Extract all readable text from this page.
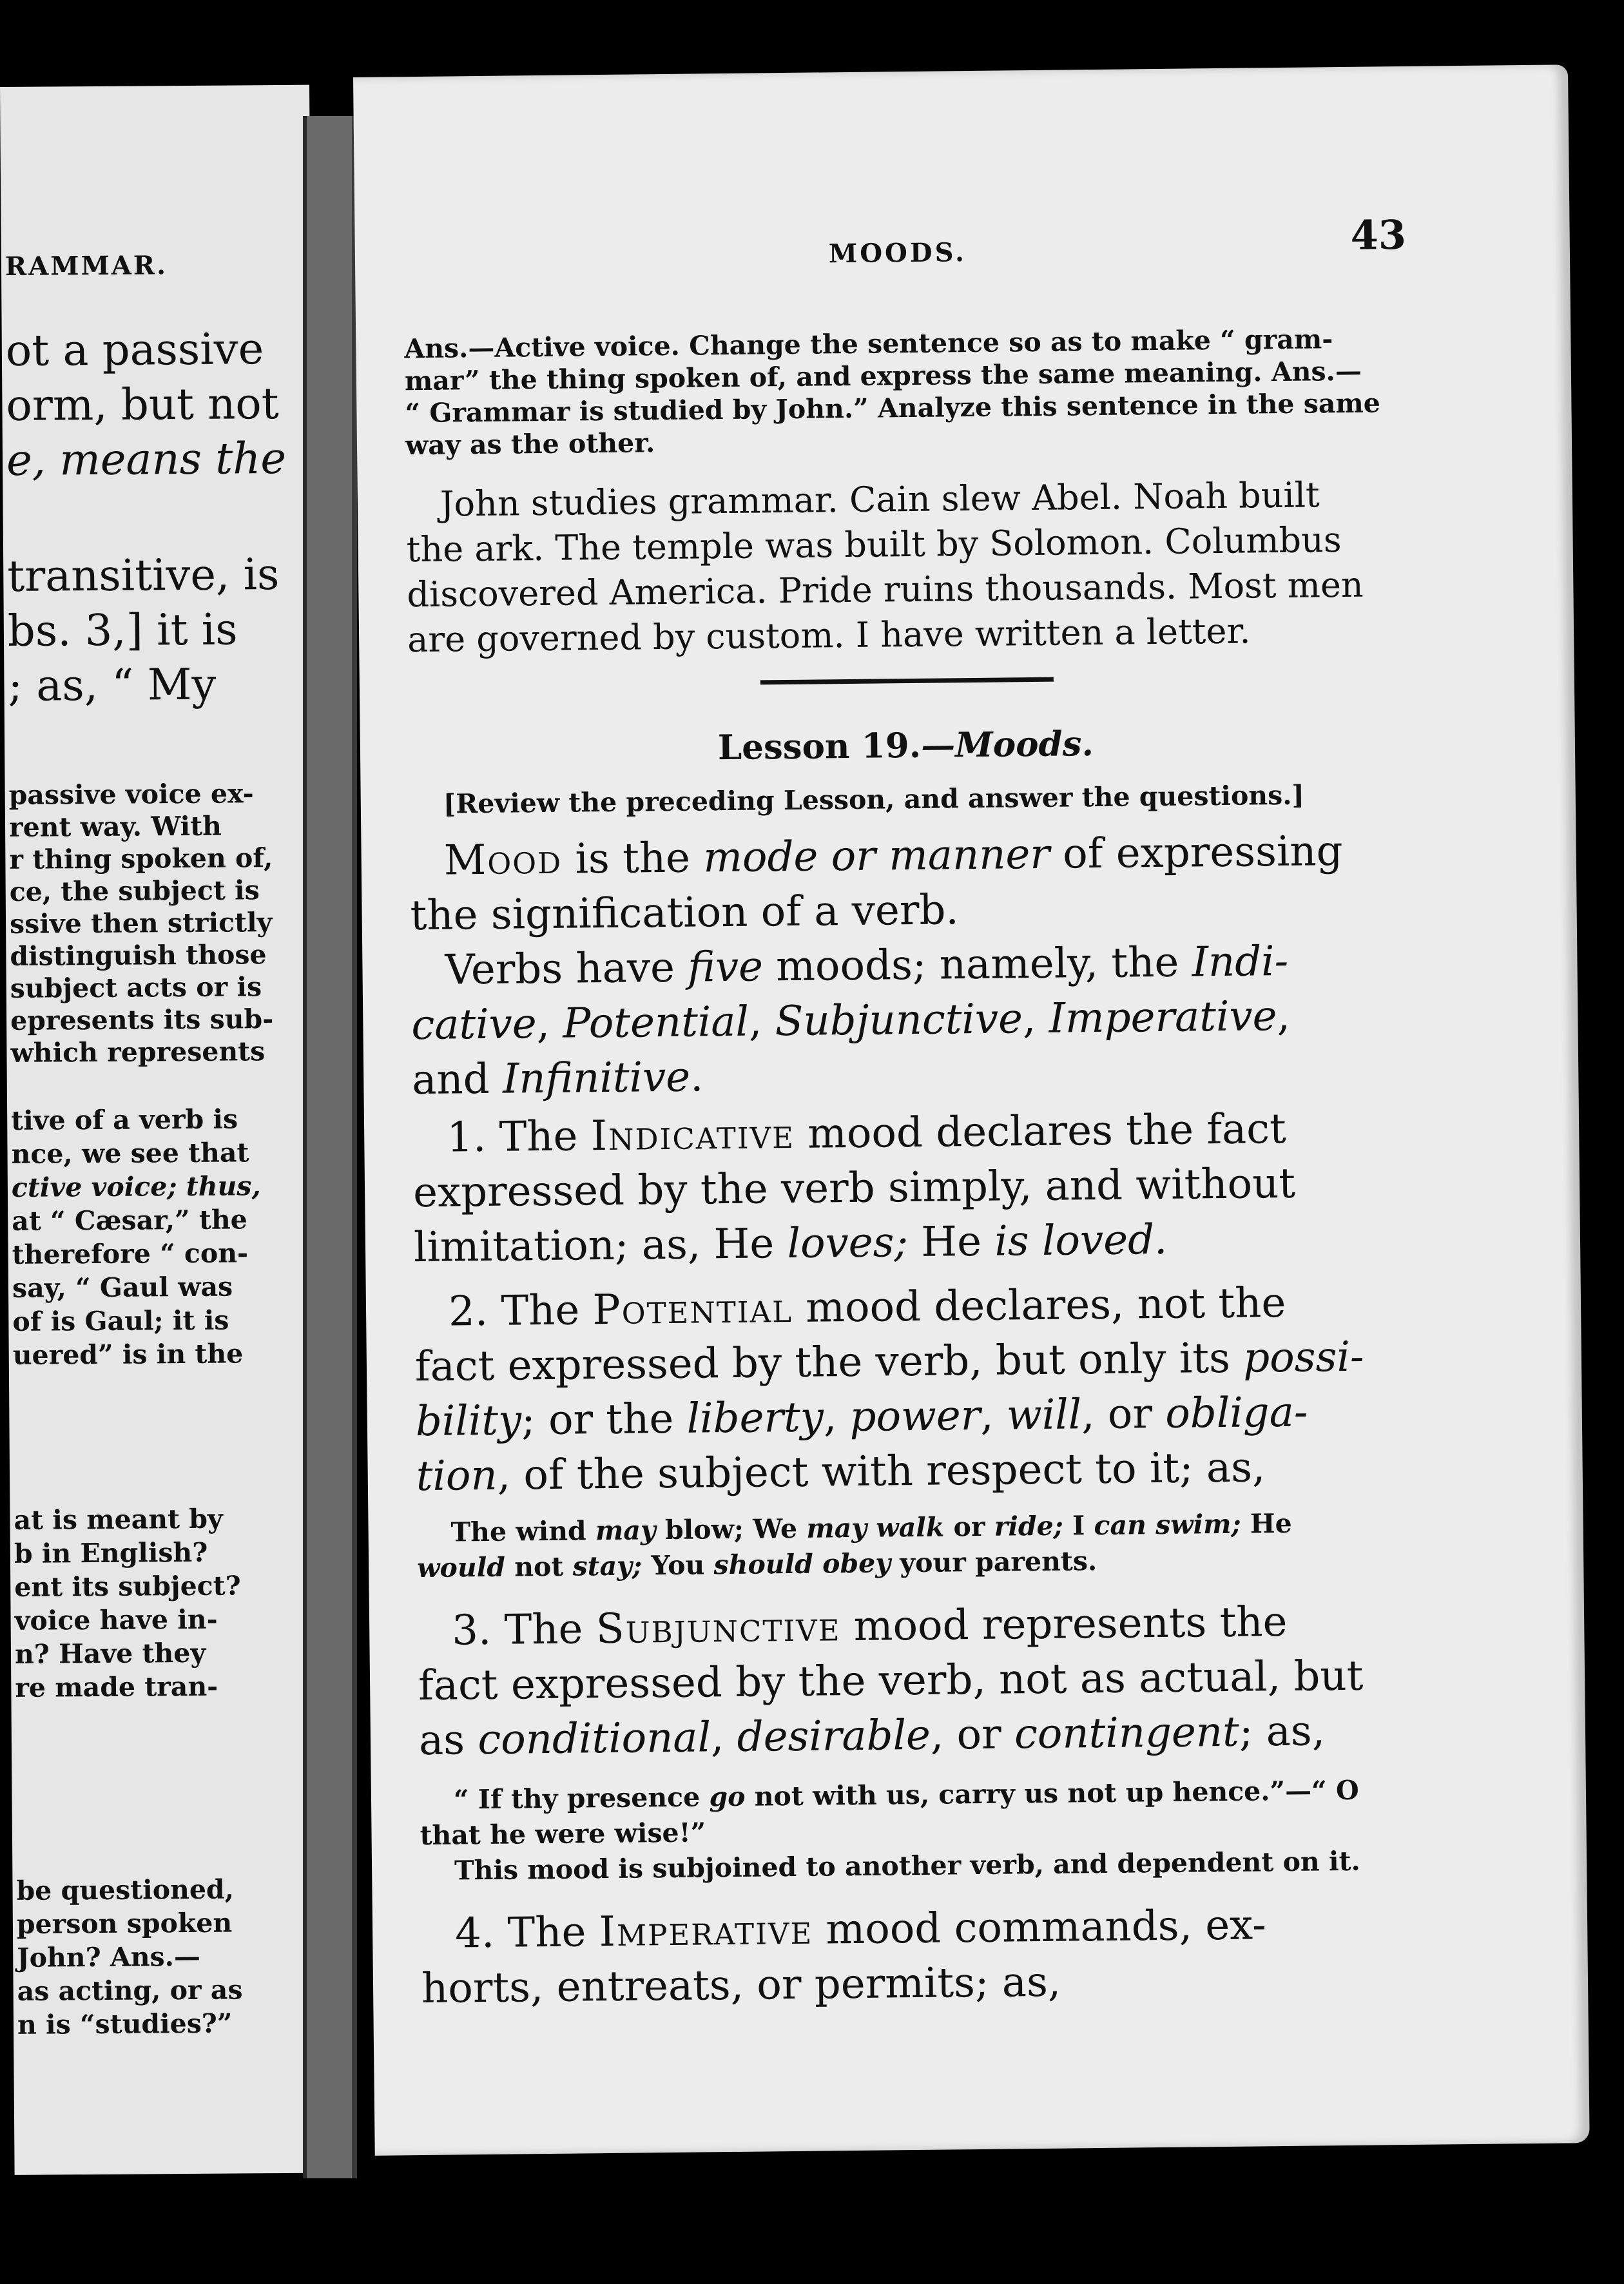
RAMMAR.
ot a passive
orm, but not
e, means the
transitive, is
bs. 3,] it is
; as, “ My
passive voice ex-
rent way. With
r thing spoken of,
ce, the subject is
ssive then strictly
distinguish those
subject acts or is
epresents its sub-
which represents
tive of a verb is
nce, we see that
ctive voice; thus,
at “ Cæsar,” the
therefore “ con-
say, “ Gaul was
of is Gaul; it is
uered” is in the
at is meant by
b in English?
ent its subject?
voice have in-
n? Have they
re made tran-
be questioned,
person spoken
John? Ans.—
as acting, or as
n is “studies?”
MOODS.	43
Ans.—Active voice. Change the sentence so as to make “ gram-
mar” the thing spoken of, and express the same meaning. Ans.—
“ Grammar is studied by John.” Analyze this sentence in the same
way as the other.
John studies grammar. Cain slew Abel. Noah built
the ark. The temple was built by Solomon. Columbus
discovered America. Pride ruins thousands. Most men
are governed by custom. I have written a letter.
Lesson 19.—Moods.
[Review the preceding Lesson, and answer the questions.]
Mood is the mode or manner of expressing
the signification of a verb.
Verbs have five moods; namely, the Indi-
cative, Potential, Subjunctive, Imperative,
and Infinitive.
1. The Indicative mood declares the fact
expressed by the verb simply, and without
limitation; as, He loves; He is loved.
2. The Potential mood declares, not the
fact expressed by the verb, but only its possi-
bility; or the liberty, power, will, or obliga-
tion, of the subject with respect to it; as,
The wind may blow; We may walk or ride; I can swim; He
would not stay; You should obey your parents.
3. The Subjunctive mood represents the
fact expressed by the verb, not as actual, but
as conditional, desirable, or contingent; as,
“ If thy presence go not with us, carry us not up hence.”—“ O
that he were wise!”
This mood is subjoined to another verb, and dependent on it.
4. The Imperative mood commands, ex-
horts, entreats, or permits; as,
